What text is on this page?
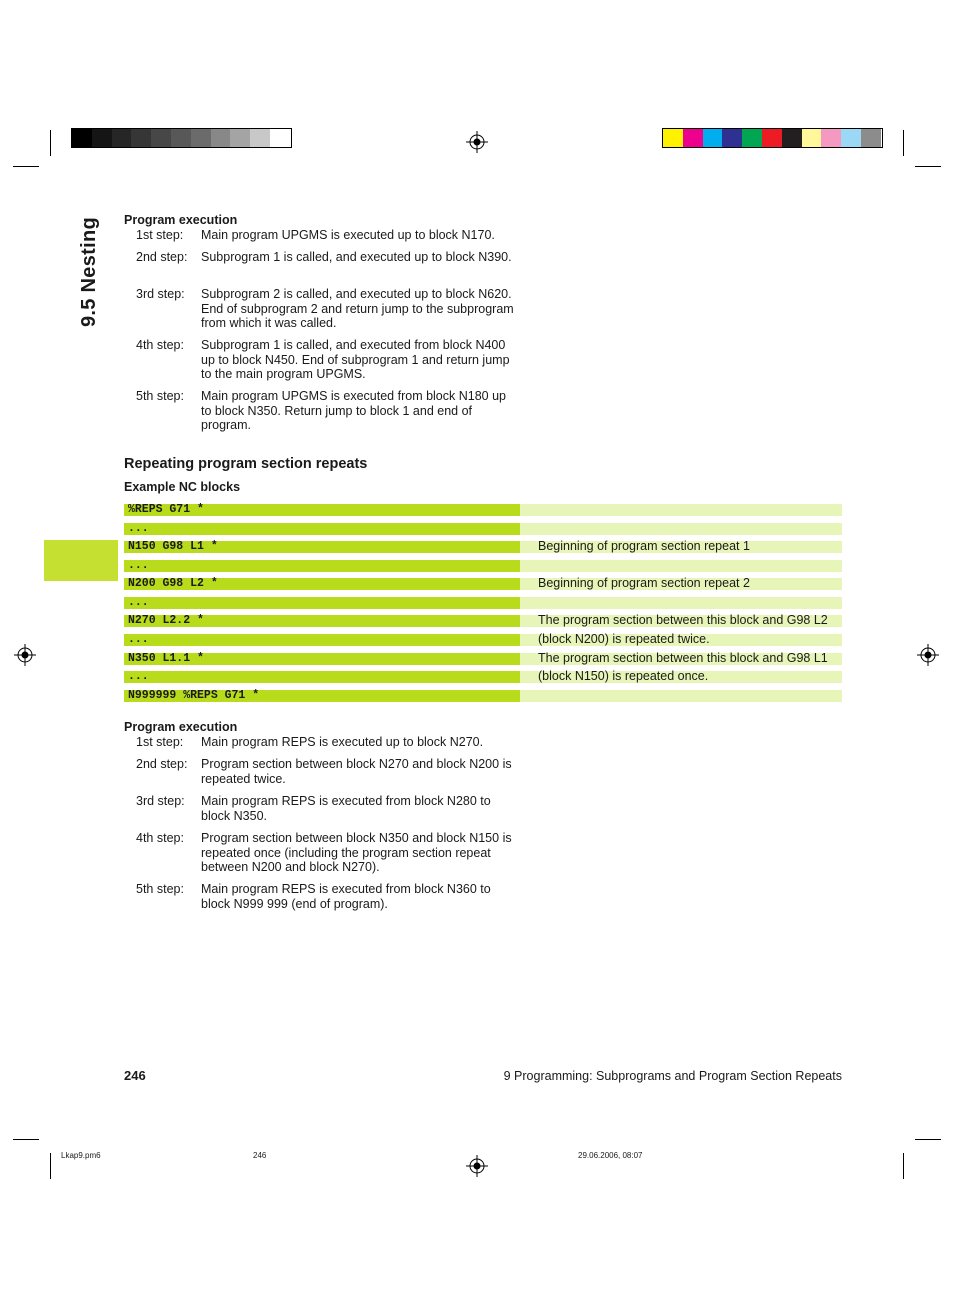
9.5 Nesting Program execution
1st step:	Main program UPGMS is executed up to block N170.
2nd step:	Subprogram 1 is called, and executed up to block N390.
3rd step:	Subprogram 2 is called, and executed up to block N620. End of subprogram 2 and return jump to the subprogram from which it was called.
4th step:	Subprogram 1 is called, and executed from block N400 up to block N450. End of subprogram 1 and return jump to the main program UPGMS.
5th step:	Main program UPGMS is executed from block N180 up to block N350. Return jump to block 1 and end of program.
Repeating program section repeats
Example NC blocks
%REPS G71 *
...
N150 G98 L1 *	Beginning of program section repeat 1
...
N200 G98 L2 *	Beginning of program section repeat 2
...
N270 L2.2 *	The program section between this block and G98 L2
...	(block N200) is repeated twice.
N350 L1.1 *	The program section between this block and G98 L1
...	(block N150) is repeated once.
N999999 %REPS G71 *
Program execution
1st step:	Main program REPS is executed up to block N270.
2nd step:	Program section between block N270 and block N200 is repeated twice.
3rd step:	Main program REPS is executed from block N280 to block N350.
4th step:	Program section between block N350 and block N150 is repeated once (including the program section repeat between N200 and block N270).
5th step:	Main program REPS is executed from block N360 to block N999 999 (end of program).
246	9 Programming: Subprograms and Program Section Repeats
Lkap9.pm6	246	29.06.2006, 08:07
